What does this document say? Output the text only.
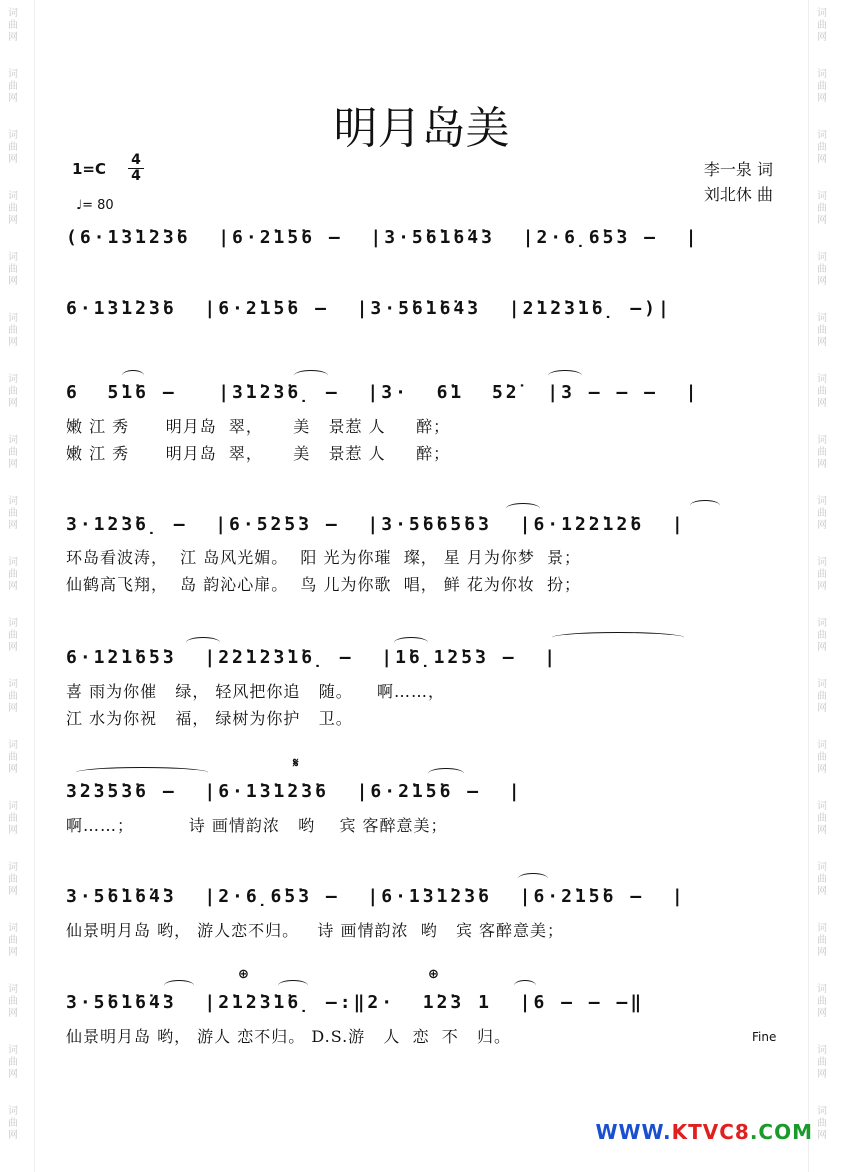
词
曲
网
词
曲
网
词
曲
网
词
曲
网
词
曲
网
词
曲
网
词
曲
网
词
曲
网
词
曲
网
词
曲
网
词
曲
网
词
曲
网
词
曲
网
词
曲
网
词
曲
网
词
曲
网
词
曲
网
词
曲
网
词
曲
网
词
曲
网
词
曲
网
词
曲
网
词
曲
网
词
曲
网
词
曲
网
词
曲
网
词
曲
网
词
曲
网
词
曲
网
词
曲
网
词
曲
网
词
曲
网
词
曲
网
词
曲
网
词
曲
网
词
曲
网
词
曲
网
词
曲
网
明月岛美
1=C 4
4
♩= 80
李一泉 词
刘北休 曲
(6·1̇3̇1̇2̇3̇6  |6·2̇1̇5̇6 –  |3·5̇6̇1̇6̇4̇3  |2·6̣6̇5̇3 –  |
6·1̇3̇1̇2̇3̇6  |6·2̇1̇5̇6 –  |3·5̇6̇1̇6̇4̇3  |2̇1̇2̇3̇1̇6̣ –)|
6  5̇1̇6 –   |3̇1̇2̇3̇6̣ –  |3·  6̇1  5̇2̇  |3 – – –  |
嫩 江 秀      明月岛  翠，     美   景惹 人     醉；
嫩 江 秀      明月岛  翠，     美   景惹 人     醉；
3·1̇2̇3̇6̣ –  |6·5̇2̇5̇3 –  |3·5̇6̇6̇5̇6̇3  |6·1̇2̇2̇1̇2̇6  |
环岛看波涛，  江 岛风光媚。  阳 光为你璀  璨， 星 月为你梦  景；
仙鹤高飞翔，  岛 韵沁心扉。  鸟 儿为你歌  唱， 鲜 花为你妆  扮；
6·1̇2̇1̇6̇5̇3  |2̇2̇1̇2̇3̇1̇6̣ –  |1̇6̣1̇2̇5̇3 –  |
喜 雨为你催   绿， 轻风把你追   随。    啊……，
江 水为你祝   福， 绿树为你护   卫。
𝄋
3̇2̇3̇5̇3̇6 –  |6·1̇3̇1̇2̇3̇6  |6·2̇1̇5̇6 –  |
啊……；         诗 画情韵浓   哟    宾 客醉意美；
3·5̇6̇1̇6̇4̇3  |2·6̣6̇5̇3 –  |6·1̇3̇1̇2̇3̇6  |6·2̇1̇5̇6 –  |
仙景明月岛 哟， 游人恋不归。   诗 画情韵浓  哟   宾 客醉意美；
⊕	⊕
3·5̇6̇1̇6̇4̇3  |2̇1̇2̇3̇1̇6̣ –:‖2·  1̇2̇3 1  |6 – – –‖
仙景明月岛 哟， 游人 恋不归。 D.S.游   人  恋  不   归。	Fine
WWW.KTVC8.COM
